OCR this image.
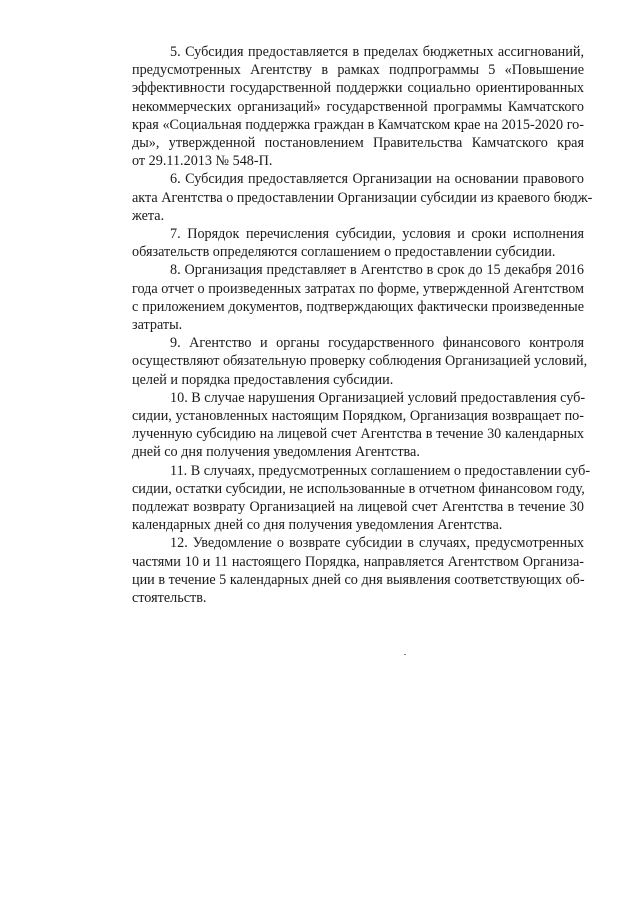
5. Субсидия предоставляется в пределах бюджетных ассигнований,
предусмотренных Агентству в рамках подпрограммы 5 «Повышение
эффективности государственной поддержки социально ориентированных
некоммерческих организаций» государственной программы Камчатского
края «Социальная поддержка граждан в Камчатском крае на 2015-2020 го-
ды», утвержденной постановлением Правительства Камчатского края
от 29.11.2013 № 548-П.

6. Субсидия предоставляется Организации на основании правового
акта Агентства о предоставлении Организации субсидии из краевого бюдж-
жета.

7. Порядок перечисления субсидии, условия и сроки исполнения
обязательств определяются соглашением о предоставлении субсидии.

8. Организация представляет в Агентство в срок до 15 декабря 2016
года отчет о произведенных затратах по форме, утвержденной Агентством
с приложением документов, подтверждающих фактически произведенные
затраты.

9. Агентство и органы государственного финансового контроля
осуществляют обязательную проверку соблюдения Организацией условий,
целей и порядка предоставления субсидии.

10. В случае нарушения Организацией условий предоставления суб-
сидии, установленных настоящим Порядком, Организация возвращает по-
лученную субсидию на лицевой счет Агентства в течение 30 календарных
дней со дня получения уведомления Агентства.

11. В случаях, предусмотренных соглашением о предоставлении суб-
сидии, остатки субсидии, не использованные в отчетном финансовом году,
подлежат возврату Организацией на лицевой счет Агентства в течение 30
календарных дней со дня получения уведомления Агентства.

12. Уведомление о возврате субсидии в случаях, предусмотренных
частями 10 и 11 настоящего Порядка, направляется Агентством Организа-
ции в течение 5 календарных дней со дня выявления соответствующих об-
стоятельств.
